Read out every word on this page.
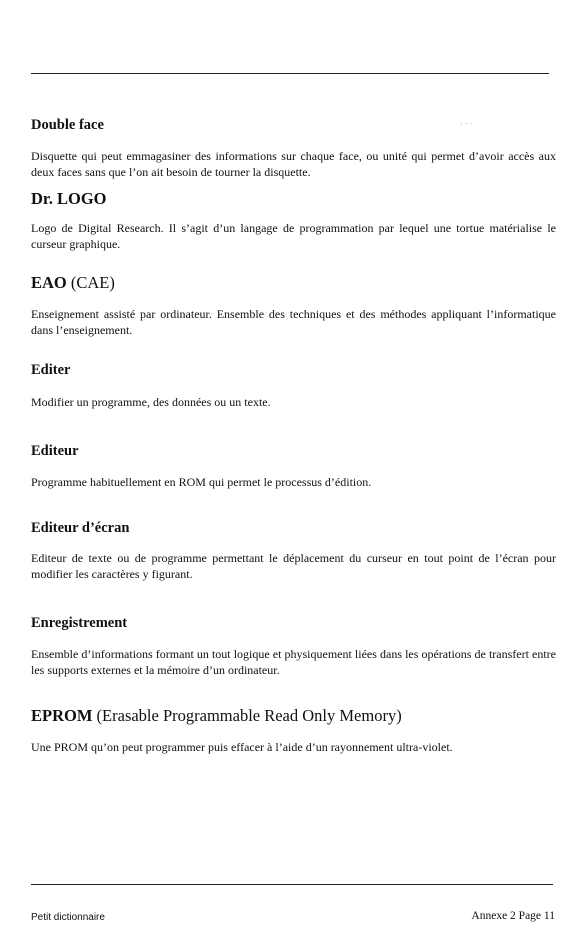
· · ·

Double face

Disquette qui peut emmagasiner des informations sur chaque face, ou unité qui permet d’avoir accès aux deux faces sans que l’on ait besoin de tourner la disquette.

Dr. LOGO

Logo de Digital Research. Il s’agit d’un langage de programmation par lequel une tortue matérialise le curseur graphique.

EAO (CAE)

Enseignement assisté par ordinateur. Ensemble des techniques et des méthodes appliquant l’informatique dans l’enseignement.

Editer

Modifier un programme, des données ou un texte.

Editeur

Programme habituellement en ROM qui permet le processus d’édition.

Editeur d’écran

Editeur de texte ou de programme permettant le déplacement du curseur en tout point de l’écran pour modifier les caractères y figurant.

Enregistrement

Ensemble d’informations formant un tout logique et physiquement liées dans les opérations de transfert entre les supports externes et la mémoire d’un ordinateur.

EPROM (Erasable Programmable Read Only Memory)

Une PROM qu’on peut programmer puis effacer à l’aide d’un rayonnement ultra-violet.

Petit dictionnaire	Annexe 2 Page 11
